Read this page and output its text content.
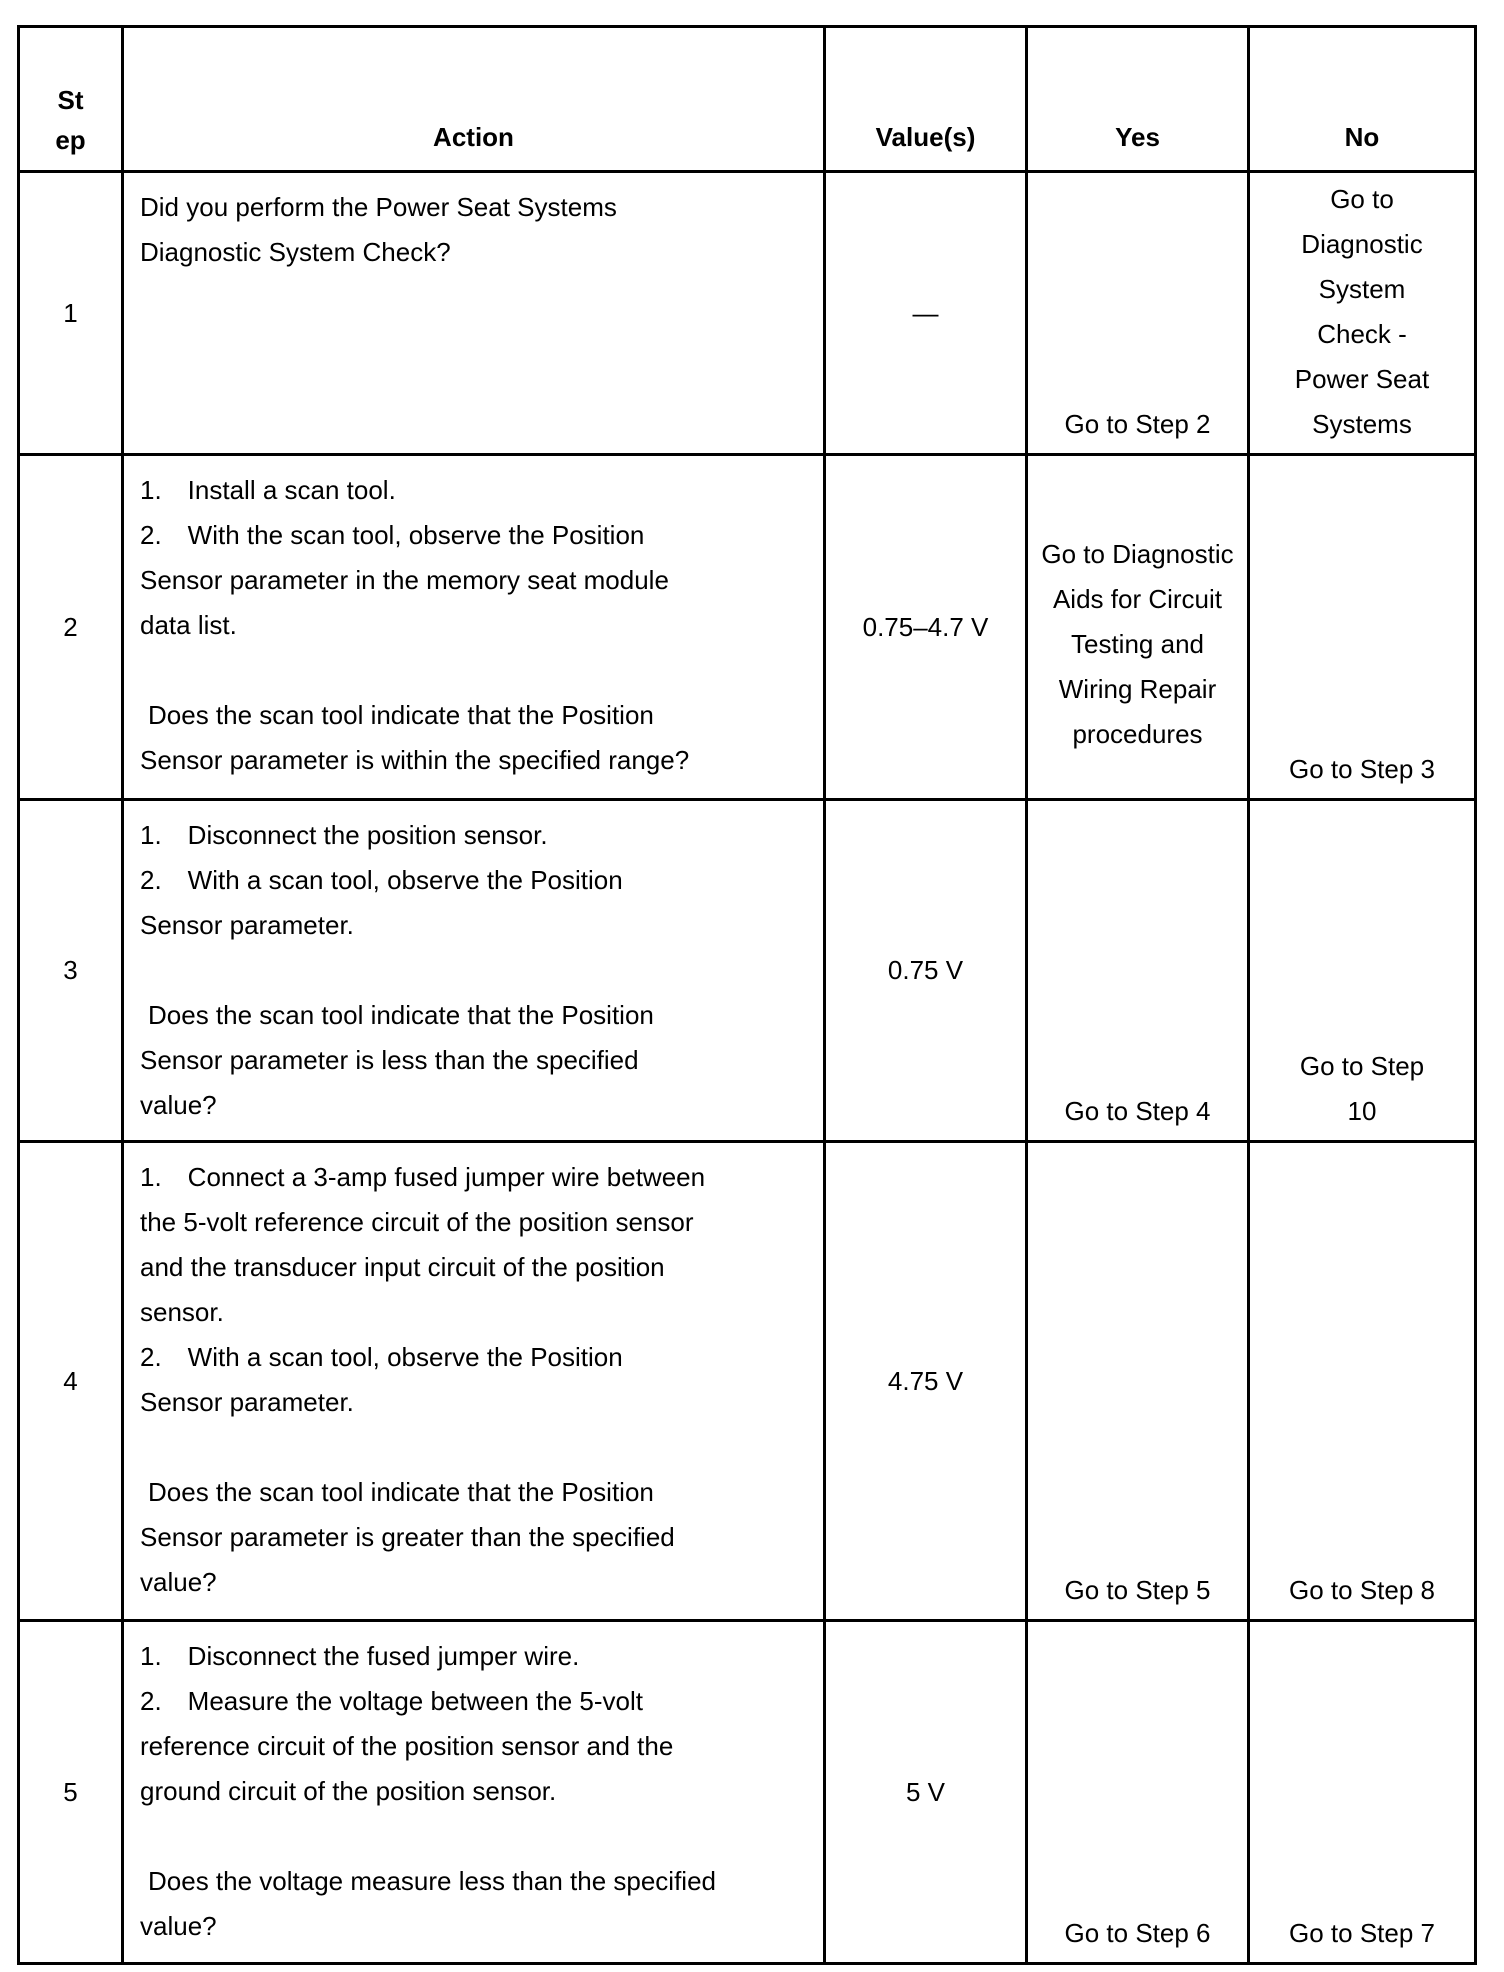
Step	Action	Value(s)	Yes	No
1	Did you perform the Power Seat Systems Diagnostic System Check?	—	Go to Step 2	Go to Diagnostic System Check - Power Seat Systems
2	1. Install a scan tool.
2. With the scan tool, observe the Position Sensor parameter in the memory seat module data list.
Does the scan tool indicate that the Position
Sensor parameter is within the specified range?	0.75–4.7 V	Go to Diagnostic Aids for Circuit Testing and Wiring Repair procedures	Go to Step 3
3	1. Disconnect the position sensor.
2. With a scan tool, observe the Position Sensor parameter.
Does the scan tool indicate that the Position
Sensor parameter is less than the specified value?	0.75 V	Go to Step 4	Go to Step 10
4	1. Connect a 3-amp fused jumper wire between the 5-volt reference circuit of the position sensor and the transducer input circuit of the position sensor.
2. With a scan tool, observe the Position Sensor parameter.
Does the scan tool indicate that the Position
Sensor parameter is greater than the specified value?	4.75 V	Go to Step 5	Go to Step 8
5	1. Disconnect the fused jumper wire.
2. Measure the voltage between the 5-volt reference circuit of the position sensor and the ground circuit of the position sensor.
Does the voltage measure less than the specified
value?	5 V	Go to Step 6	Go to Step 7
